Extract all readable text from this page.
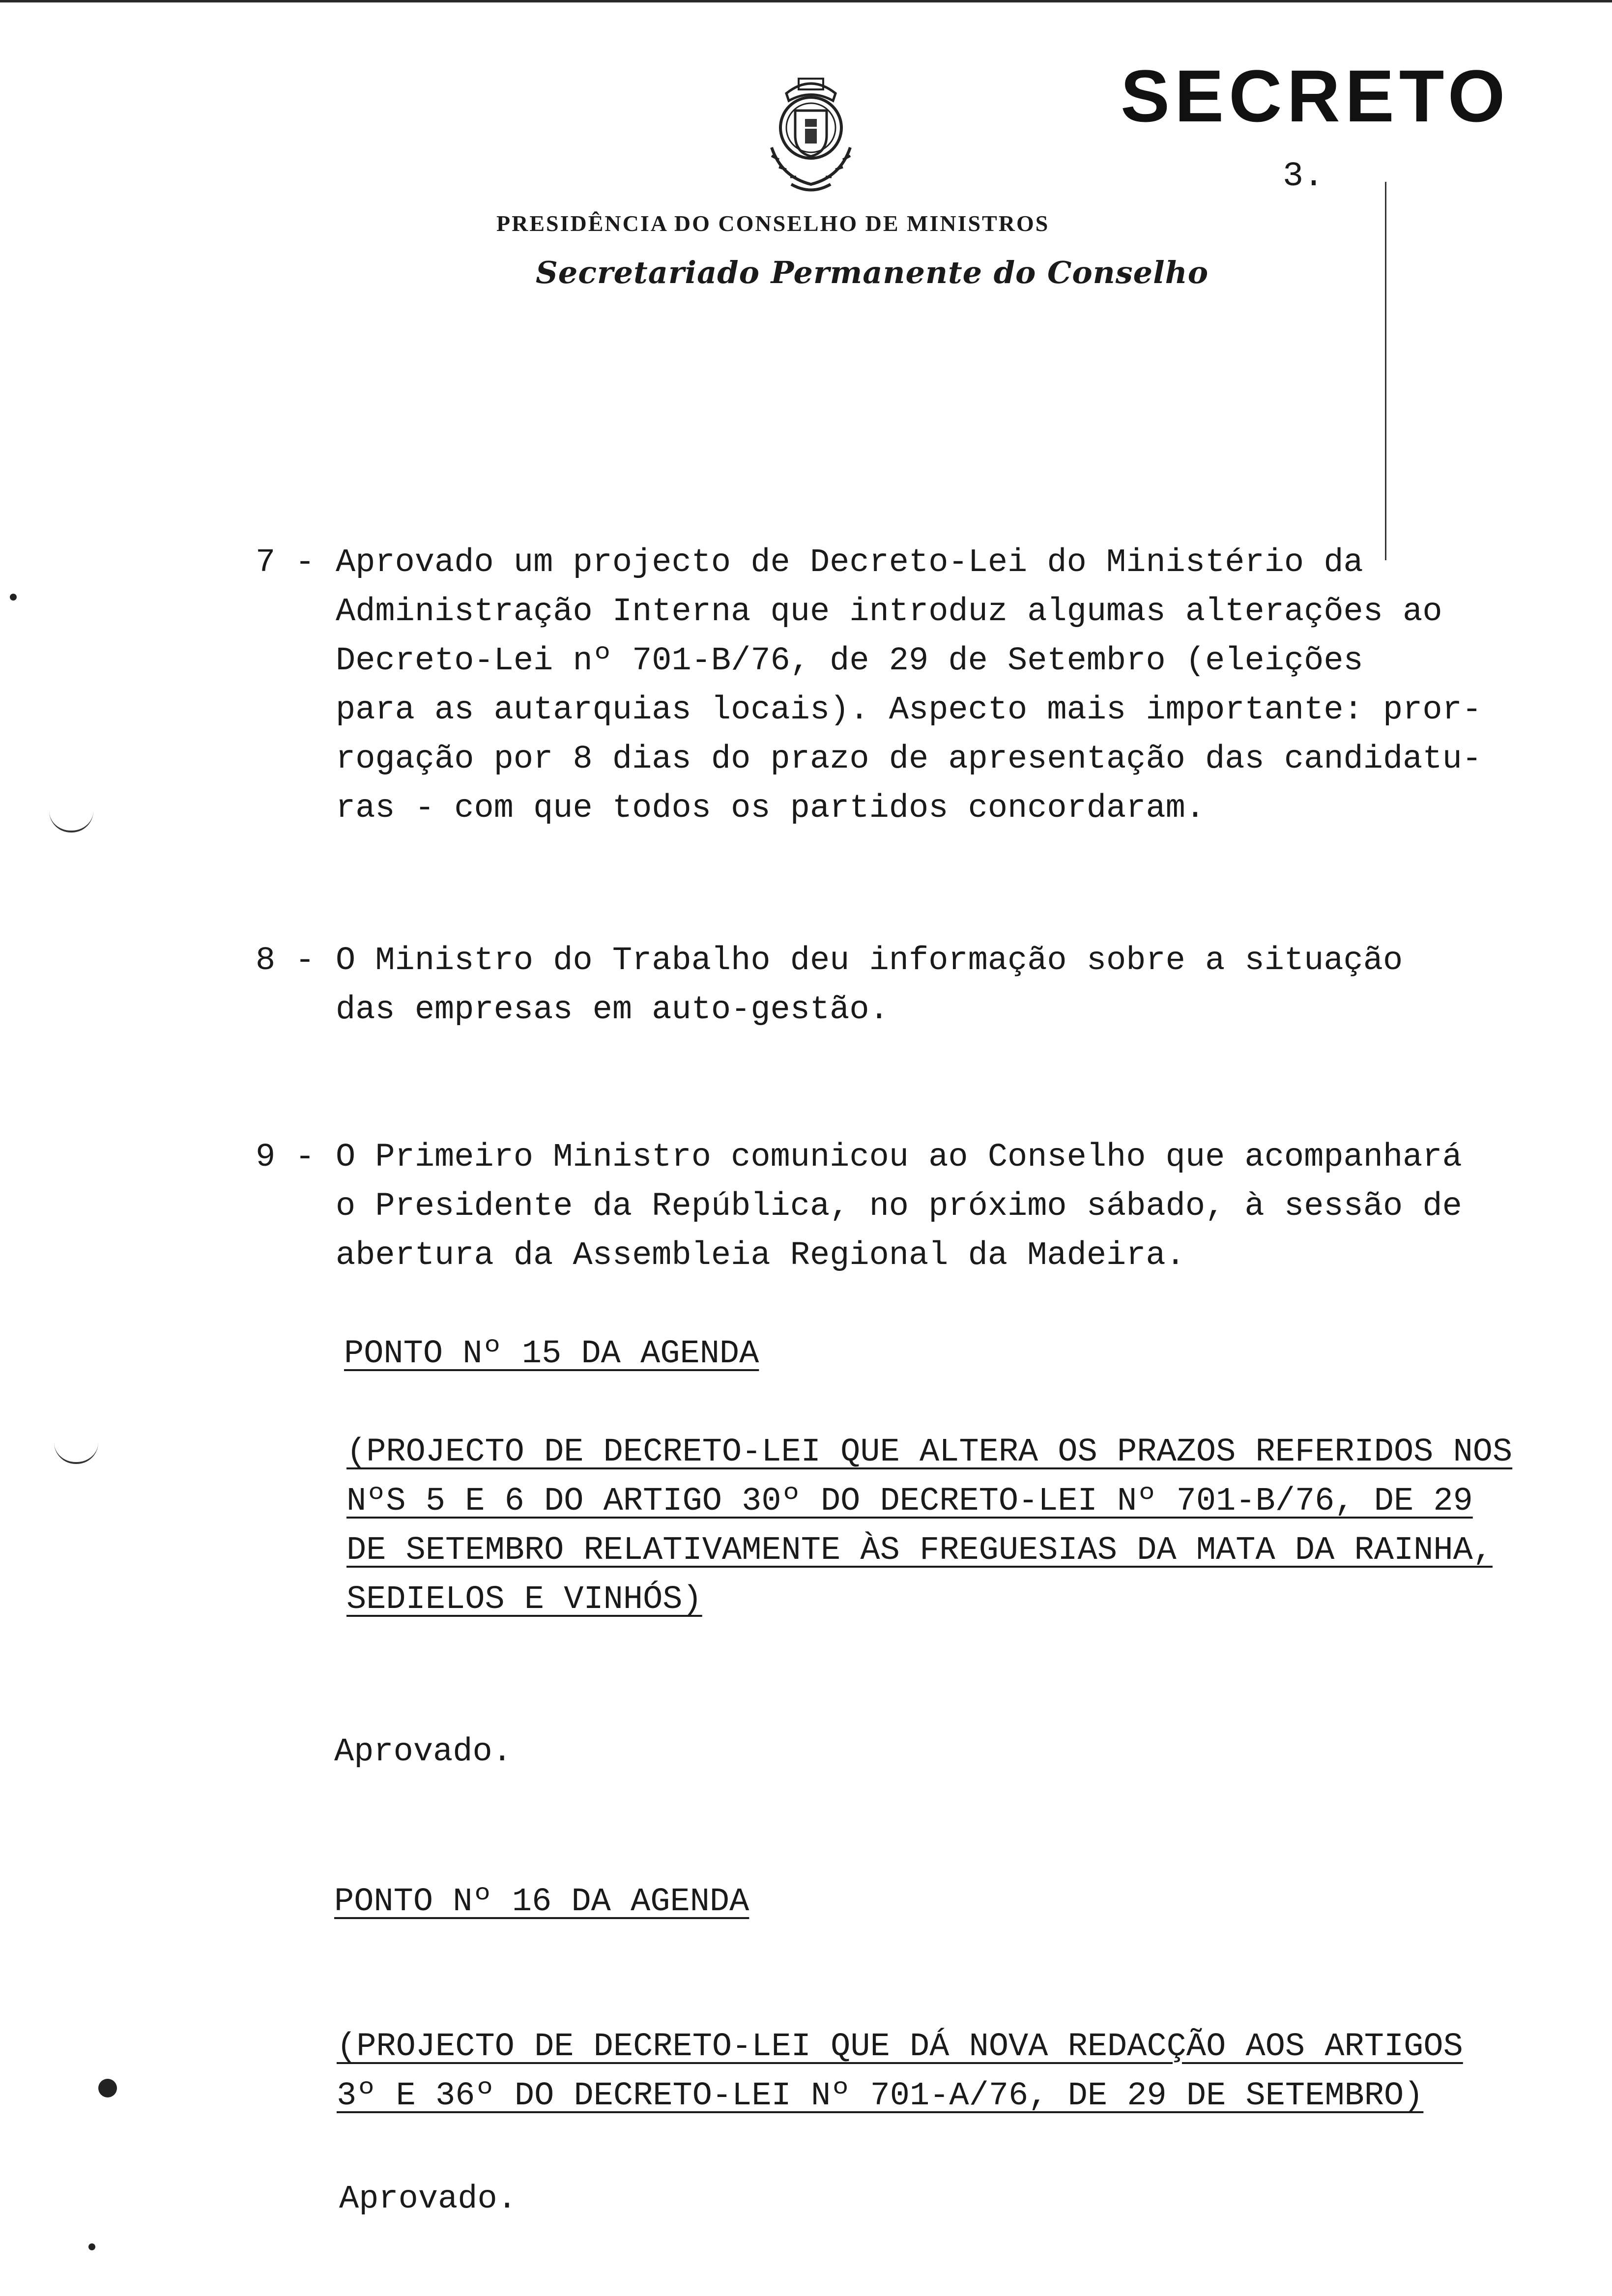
SECRETO
3.
PRESIDÊNCIA DO CONSELHO DE MINISTROS
Secretariado Permanente do Conselho
7 - Aprovado um projecto de Decreto-Lei do Ministério da
Administração Interna que introduz algumas alterações ao
Decreto-Lei nº 701-B/76, de 29 de Setembro (eleições
para as autarquias locais). Aspecto mais importante: pror-
rogação por 8 dias do prazo de apresentação das candidatu-
ras - com que todos os partidos concordaram.
8 - O Ministro do Trabalho deu informação sobre a situação
das empresas em auto-gestão.
9 - O Primeiro Ministro comunicou ao Conselho que acompanhará
o Presidente da República, no próximo sábado, à sessão de
abertura da Assembleia Regional da Madeira.
PONTO Nº 15 DA AGENDA
(PROJECTO DE DECRETO-LEI QUE ALTERA OS PRAZOS REFERIDOS NOS
NºS 5 E 6 DO ARTIGO 30º DO DECRETO-LEI Nº 701-B/76, DE 29
DE SETEMBRO RELATIVAMENTE ÀS FREGUESIAS DA MATA DA RAINHA,
SEDIELOS E VINHÓS)
Aprovado.
PONTO Nº 16 DA AGENDA
(PROJECTO DE DECRETO-LEI QUE DÁ NOVA REDACÇÃO AOS ARTIGOS
3º E 36º DO DECRETO-LEI Nº 701-A/76, DE 29 DE SETEMBRO)
Aprovado.
